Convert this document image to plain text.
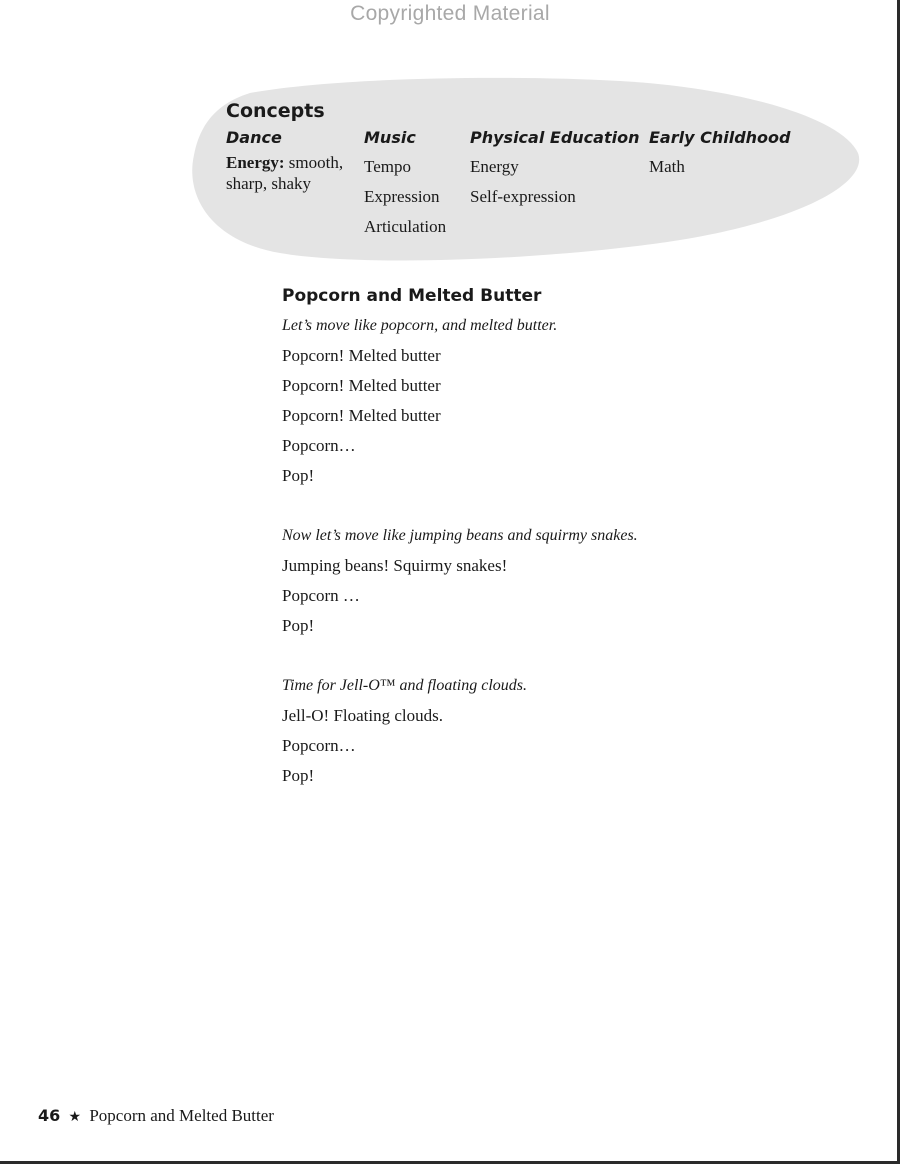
Copyrighted Material
Concepts
Dance
Energy: smooth,
sharp, shaky
Music
Tempo
Expression
Articulation
Physical Education
Energy
Self-expression
Early Childhood
Math
Popcorn and Melted Butter
Let’s move like popcorn, and melted butter.
Popcorn! Melted butter
Popcorn! Melted butter
Popcorn! Melted butter
Popcorn…
Pop!
Now let’s move like jumping beans and squirmy snakes.
Jumping beans! Squirmy snakes!
Popcorn …
Pop!
Time for Jell-O™ and floating clouds.
Jell-O! Floating clouds.
Popcorn…
Pop!
46 ★ Popcorn and Melted Butter
